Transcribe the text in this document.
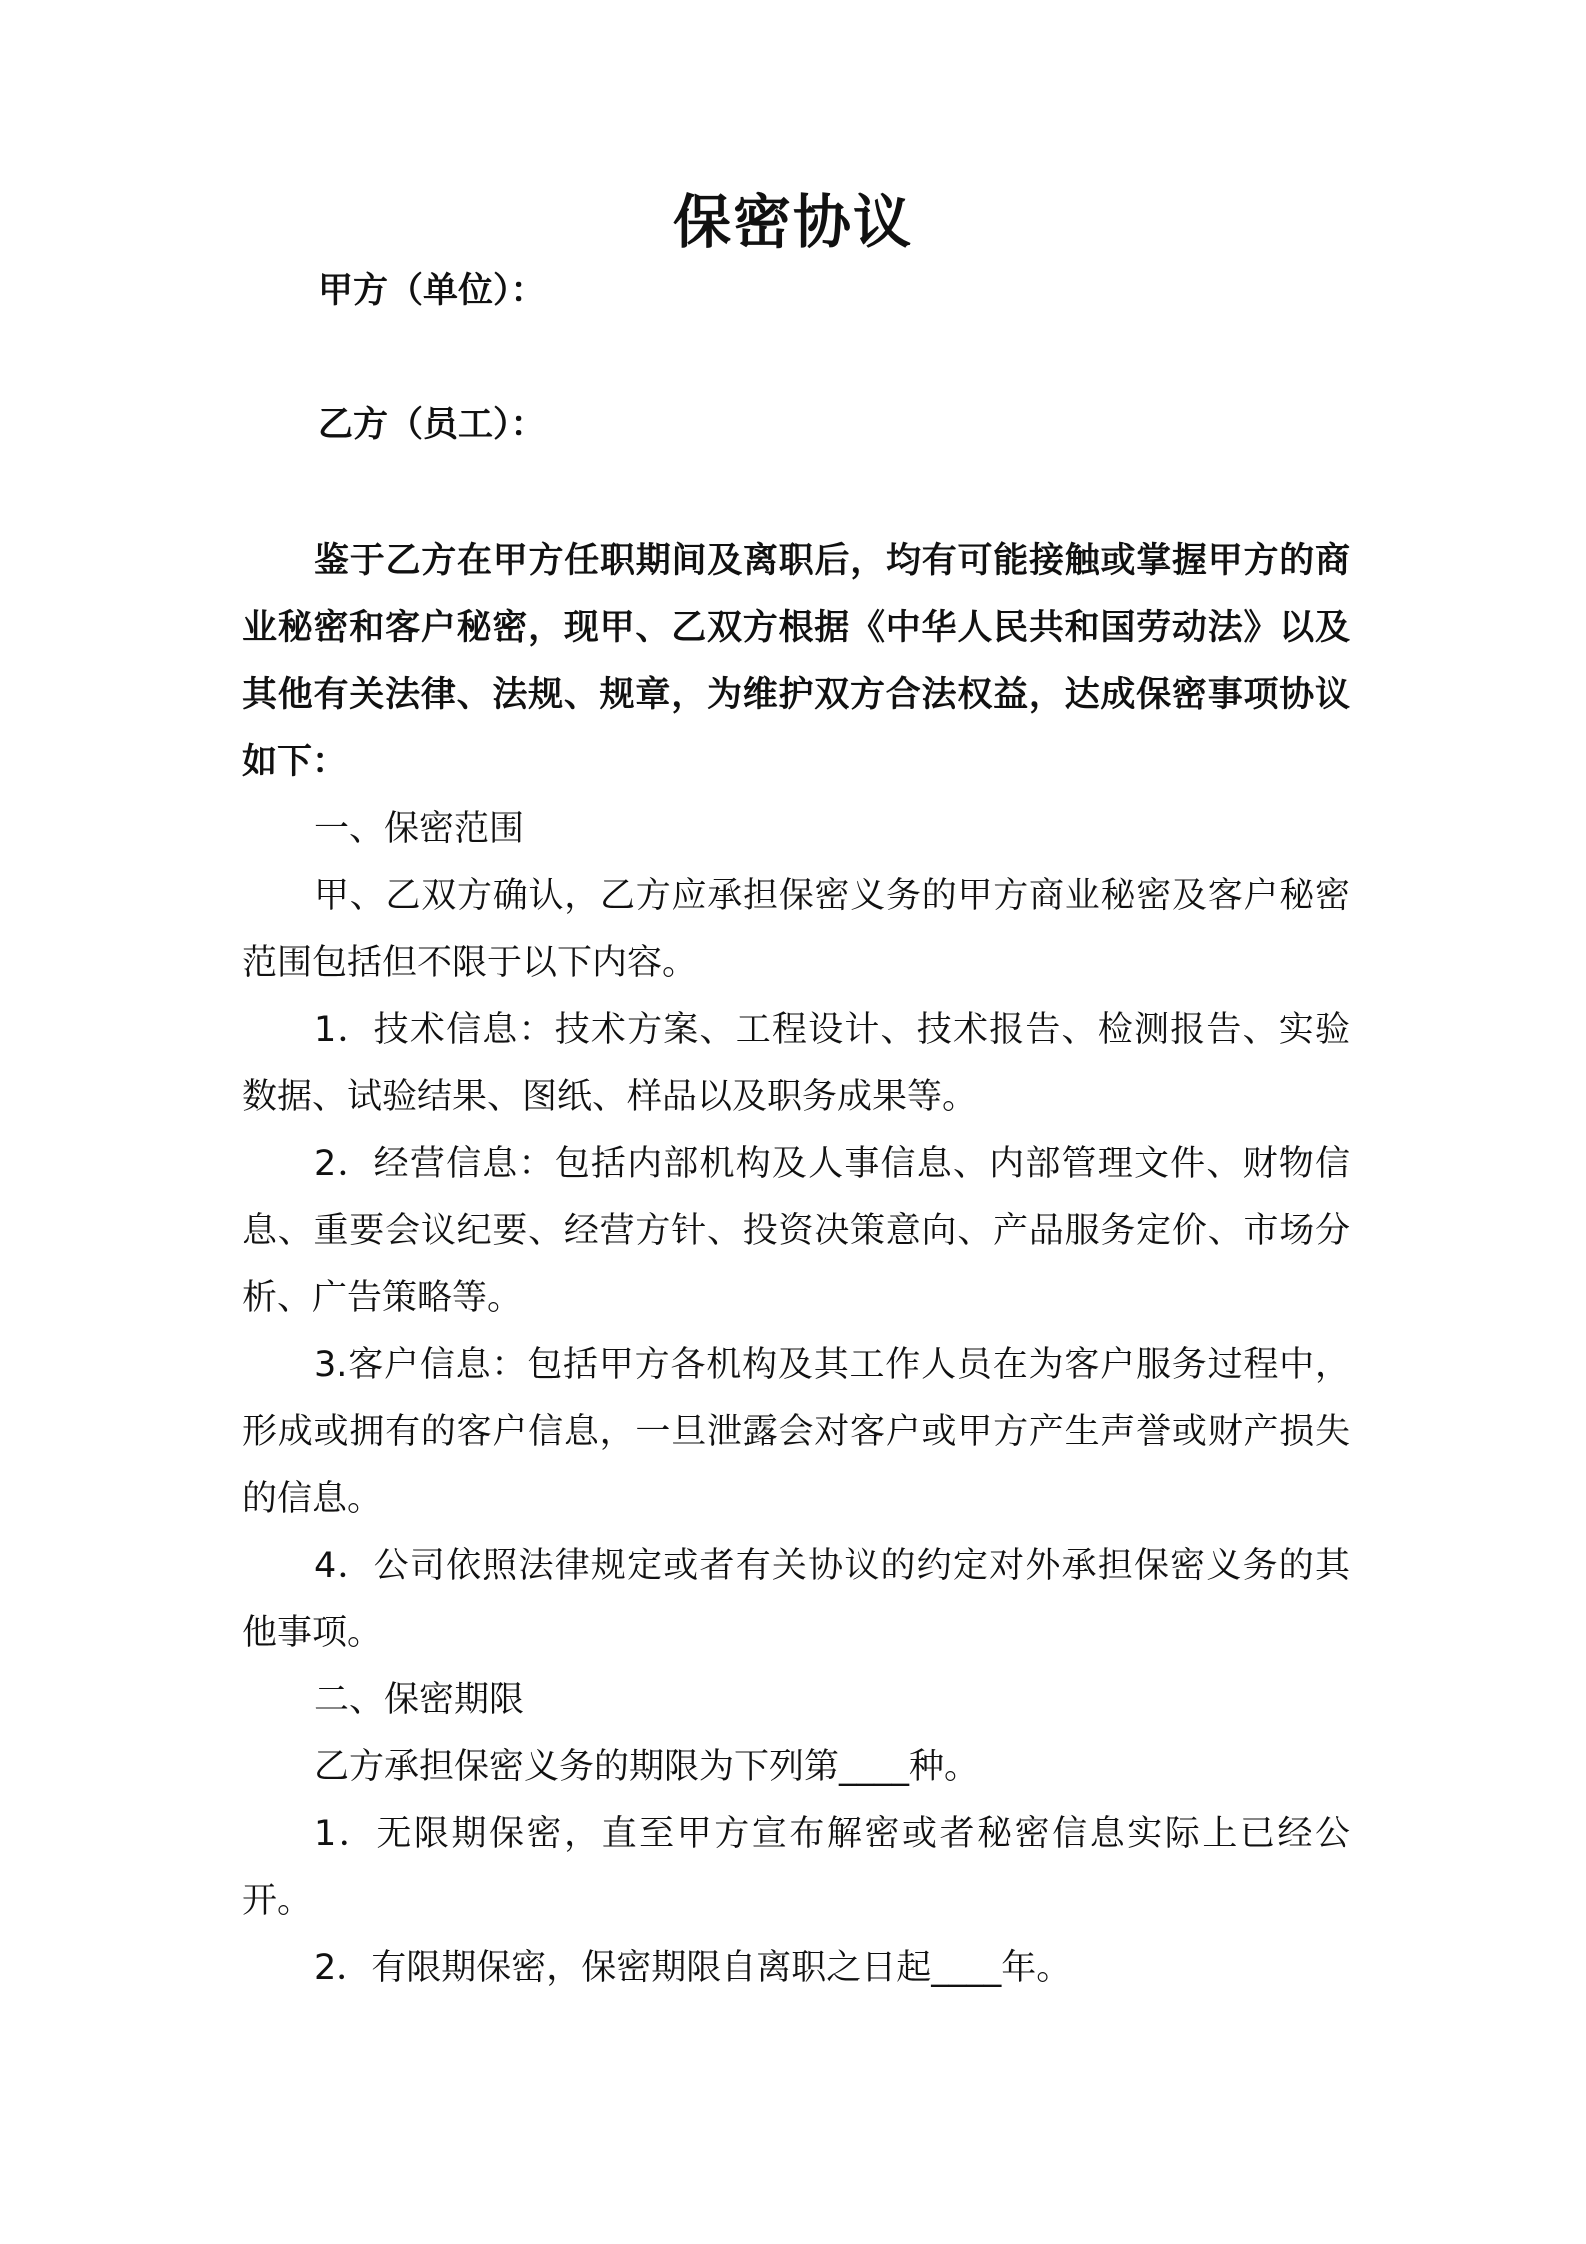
保密协议
甲方（单位）：
乙方（员工）：

鉴于乙方在甲方任职期间及离职后，均有可能接触或掌握甲方的商业秘密和客户秘密，现甲、乙双方根据《中华人民共和国劳动法》以及其他有关法律、法规、规章，为维护双方合法权益，达成保密事项协议如下：

一、保密范围

甲、乙双方确认，乙方应承担保密义务的甲方商业秘密及客户秘密范围包括但不限于以下内容。

1．技术信息：技术方案、工程设计、技术报告、检测报告、实验数据、试验结果、图纸、样品以及职务成果等。

2．经营信息：包括内部机构及人事信息、内部管理文件、财物信息、重要会议纪要、经营方针、投资决策意向、产品服务定价、市场分析、广告策略等。

3.客户信息：包括甲方各机构及其工作人员在为客户服务过程中，形成或拥有的客户信息，一旦泄露会对客户或甲方产生声誉或财产损失的信息。

4．公司依照法律规定或者有关协议的约定对外承担保密义务的其他事项。

二、保密期限

乙方承担保密义务的期限为下列第____种。

1．无限期保密，直至甲方宣布解密或者秘密信息实际上已经公开。

2．有限期保密，保密期限自离职之日起____年。
